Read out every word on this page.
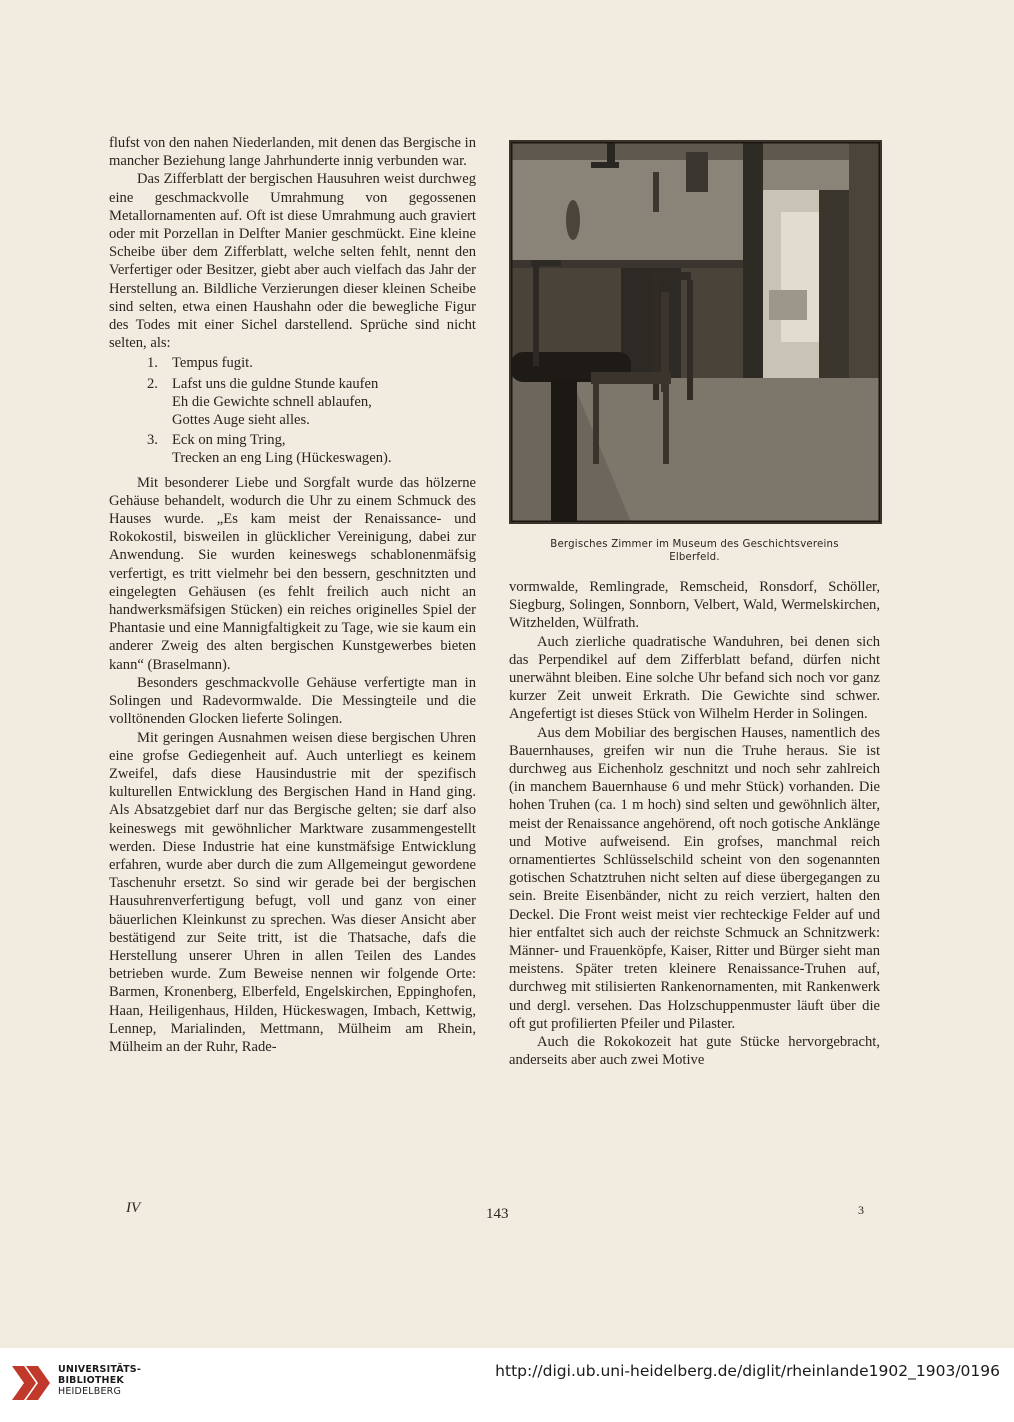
flufst von den nahen Niederlanden, mit denen das Bergische in mancher Beziehung lange Jahrhunderte innig verbunden war.

Das Zifferblatt der bergischen Hausuhren weist durchweg eine geschmackvolle Umrahmung von gegossenen Metallornamenten auf. Oft ist diese Umrahmung auch graviert oder mit Porzellan in Delfter Manier geschmückt. Eine kleine Scheibe über dem Zifferblatt, welche selten fehlt, nennt den Verfertiger oder Besitzer, giebt aber auch vielfach das Jahr der Herstellung an. Bildliche Verzierungen dieser kleinen Scheibe sind selten, etwa einen Haushahn oder die bewegliche Figur des Todes mit einer Sichel darstellend. Sprüche sind nicht selten, als:

1. Tempus fugit.
2. Lafst uns die guldne Stunde kaufen
Eh die Gewichte schnell ablaufen,
Gottes Auge sieht alles.
3. Eck on ming Tring,
Trecken an eng Ling (Hückeswagen).

Mit besonderer Liebe und Sorgfalt wurde das hölzerne Gehäuse behandelt, wodurch die Uhr zu einem Schmuck des Hauses wurde. „Es kam meist der Renaissance- und Rokokostil, bisweilen in glücklicher Vereinigung, dabei zur Anwendung. Sie wurden keineswegs schablonenmäfsig verfertigt, es tritt vielmehr bei den bessern, geschnitzten und eingelegten Gehäusen (es fehlt freilich auch nicht an handwerksmäfsigen Stücken) ein reiches originelles Spiel der Phantasie und eine Mannigfaltigkeit zu Tage, wie sie kaum ein anderer Zweig des alten bergischen Kunstgewerbes bieten kann“ (Braselmann).

Besonders geschmackvolle Gehäuse verfertigte man in Solingen und Radevormwalde. Die Messingteile und die volltönenden Glocken lieferte Solingen.

Mit geringen Ausnahmen weisen diese bergischen Uhren eine grofse Gediegenheit auf. Auch unterliegt es keinem Zweifel, dafs diese Hausindustrie mit der spezifisch kulturellen Entwicklung des Bergischen Hand in Hand ging. Als Absatzgebiet darf nur das Bergische gelten; sie darf also keineswegs mit gewöhnlicher Marktware zusammengestellt werden. Diese Industrie hat eine kunstmäfsige Entwicklung erfahren, wurde aber durch die zum Allgemeingut gewordene Taschenuhr ersetzt. So sind wir gerade bei der bergischen Hausuhrenverfertigung befugt, voll und ganz von einer bäuerlichen Kleinkunst zu sprechen. Was dieser Ansicht aber bestätigend zur Seite tritt, ist die Thatsache, dafs die Herstellung unserer Uhren in allen Teilen des Landes betrieben wurde. Zum Beweise nennen wir folgende Orte: Barmen, Kronenberg, Elberfeld, Engelskirchen, Eppinghofen, Haan, Heiligenhaus, Hilden, Hückeswagen, Imbach, Kettwig, Lennep, Marialinden, Mettmann, Mülheim am Rhein, Mülheim an der Ruhr, Rade-

Bergisches Zimmer im Museum des Geschichtsvereins
Elberfeld.

vormwalde, Remlingrade, Remscheid, Ronsdorf, Schöller, Siegburg, Solingen, Sonnborn, Velbert, Wald, Wermelskirchen, Witzhelden, Wülfrath.

Auch zierliche quadratische Wanduhren, bei denen sich das Perpendikel auf dem Zifferblatt befand, dürfen nicht unerwähnt bleiben. Eine solche Uhr befand sich noch vor ganz kurzer Zeit unweit Erkrath. Die Gewichte sind schwer. Angefertigt ist dieses Stück von Wilhelm Herder in Solingen.

Aus dem Mobiliar des bergischen Hauses, namentlich des Bauernhauses, greifen wir nun die Truhe heraus. Sie ist durchweg aus Eichenholz geschnitzt und noch sehr zahlreich (in manchem Bauernhause 6 und mehr Stück) vorhanden. Die hohen Truhen (ca. 1 m hoch) sind selten und gewöhnlich älter, meist der Renaissance angehörend, oft noch gotische Anklänge und Motive aufweisend. Ein grofses, manchmal reich ornamentiertes Schlüsselschild scheint von den sogenannten gotischen Schatztruhen nicht selten auf diese übergegangen zu sein. Breite Eisenbänder, nicht zu reich verziert, halten den Deckel. Die Front weist meist vier rechteckige Felder auf und hier entfaltet sich auch der reichste Schmuck an Schnitzwerk: Männer- und Frauenköpfe, Kaiser, Ritter und Bürger sieht man meistens. Später treten kleinere Renaissance-Truhen auf, durchweg mit stilisierten Rankenornamenten, mit Rankenwerk und dergl. versehen. Das Holzschuppenmuster läuft über die oft gut profilierten Pfeiler und Pilaster.

Auch die Rokokozeit hat gute Stücke hervorgebracht, anderseits aber auch zwei Motive

IV	143	3
UNIVERSITÄTS-
BIBLIOTHEK
HEIDELBERG
http://digi.ub.uni-heidelberg.de/diglit/rheinlande1902_1903/0196
